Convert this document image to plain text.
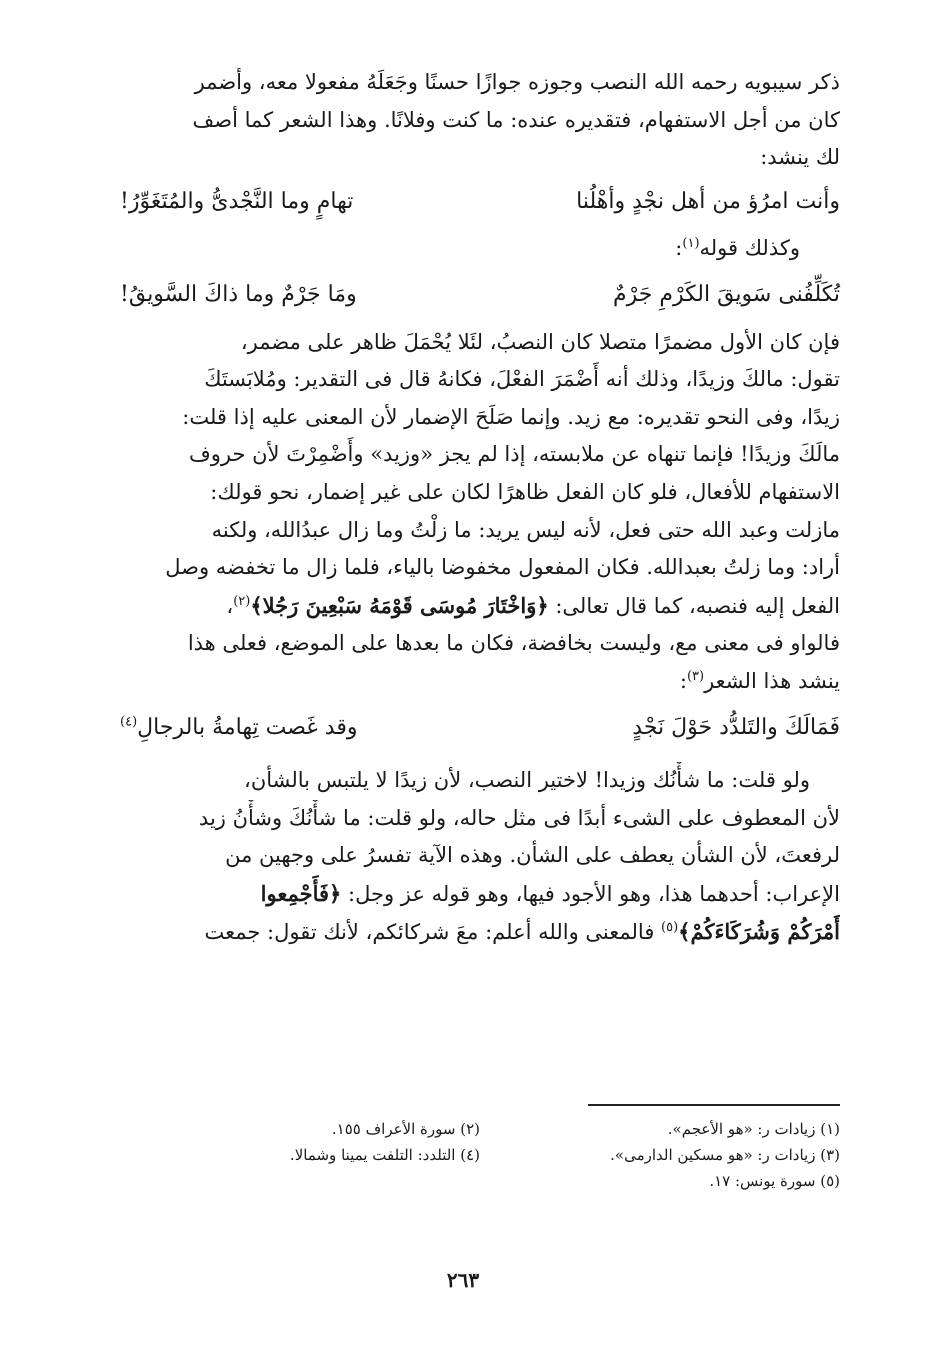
ذكر سيبويه رحمه الله النصب وجوزه جوازًا حسنًا وجَعَلَهُ مفعولا معه، وأضمر
كان من أجل الاستفهام، فتقديره عنده: ما كنت وفلانًا. وهذا الشعر كما أصف
لك ينشد:
وأنت امرُؤ من أهل نجْدٍ وأهْلُنا
تهامٍ وما النَّجْدىُّ والمُتَغَوِّرُ!
وكذلك قوله$^{(١)}$:
تُكَلِّفُنى سَويقَ الكَرْمِ جَرْمٌ
ومَا جَرْمٌ وما ذاكَ السَّويقُ!
فإن كان الأول مضمرًا متصلا كان النصبُ، لئَلا يُحْمَلَ ظاهر على مضمر،
تقول: مالكَ وزيدًا، وذلك أنه أَضْمَرَ الفعْلَ، فكانهُ قال فى التقدير: ومُلابَستَكَ
زيدًا، وفى النحو تقديره: مع زيد. وإنما صَلَحَ الإضمار لأن المعنى عليه إذا قلت:
مالَكَ وزيدًا! فإنما تنهاه عن ملابسته، إذا لم يجز «وزيد» وأَضْمِرْتَ لأن حروف
الاستفهام للأفعال، فلو كان الفعل ظاهرًا لكان على غير إضمار، نحو قولك:
مازلت وعبد الله حتى فعل، لأنه ليس يريد: ما زلْتُ وما زال عبدُالله، ولكنه
أراد: وما زلتُ بعبدالله. فكان المفعول مخفوضا بالياء، فلما زال ما تخفضه وصل
الفعل إليه فنصبه، كما قال تعالى: ﴿وَاخْتَارَ مُوسَى قَوْمَهُ سَبْعِينَ رَجُلا﴾$^{(٢)}$،
فالواو فى معنى مع، وليست بخافضة، فكان ما بعدها على الموضع، فعلى هذا
ينشد هذا الشعر$^{(٣)}$:
فَمَالَكَ والتَلدُّد حَوْلَ نَجْدٍ
وقد غَصت تِهامةُ بالرجالِ$^{(٤)}$
ولو قلت: ما شأْنُك وزيدا! لاختير النصب، لأن زيدًا لا يلتبس بالشأن،
لأن المعطوف على الشىء أبدًا فى مثل حاله، ولو قلت: ما شأْنُكَ وشأْنُ زيد
لرفعتَ، لأن الشأن يعطف على الشأن. وهذه الآية تفسرُ على وجهين من
الإعراب: أحدهما هذا، وهو الأجود فيها، وهو قوله عز وجل: ﴿فَأَجْمِعوا
أَمْرَكُمْ وَشُرَكَاءَكُمْ﴾$^{(٥)}$ فالمعنى والله أعلم: معَ شركائكم، لأنك تقول: جمعت
(١) زيادات ر: «هو الأعجم».
(٢) سورة الأعراف ١٥٥.
(٣) زيادات ر: «هو مسكين الدارمى».
(٤) التلدد: التلفت يمينا وشمالا.
(٥) سورة يونس: ١٧.
٢٦٣
